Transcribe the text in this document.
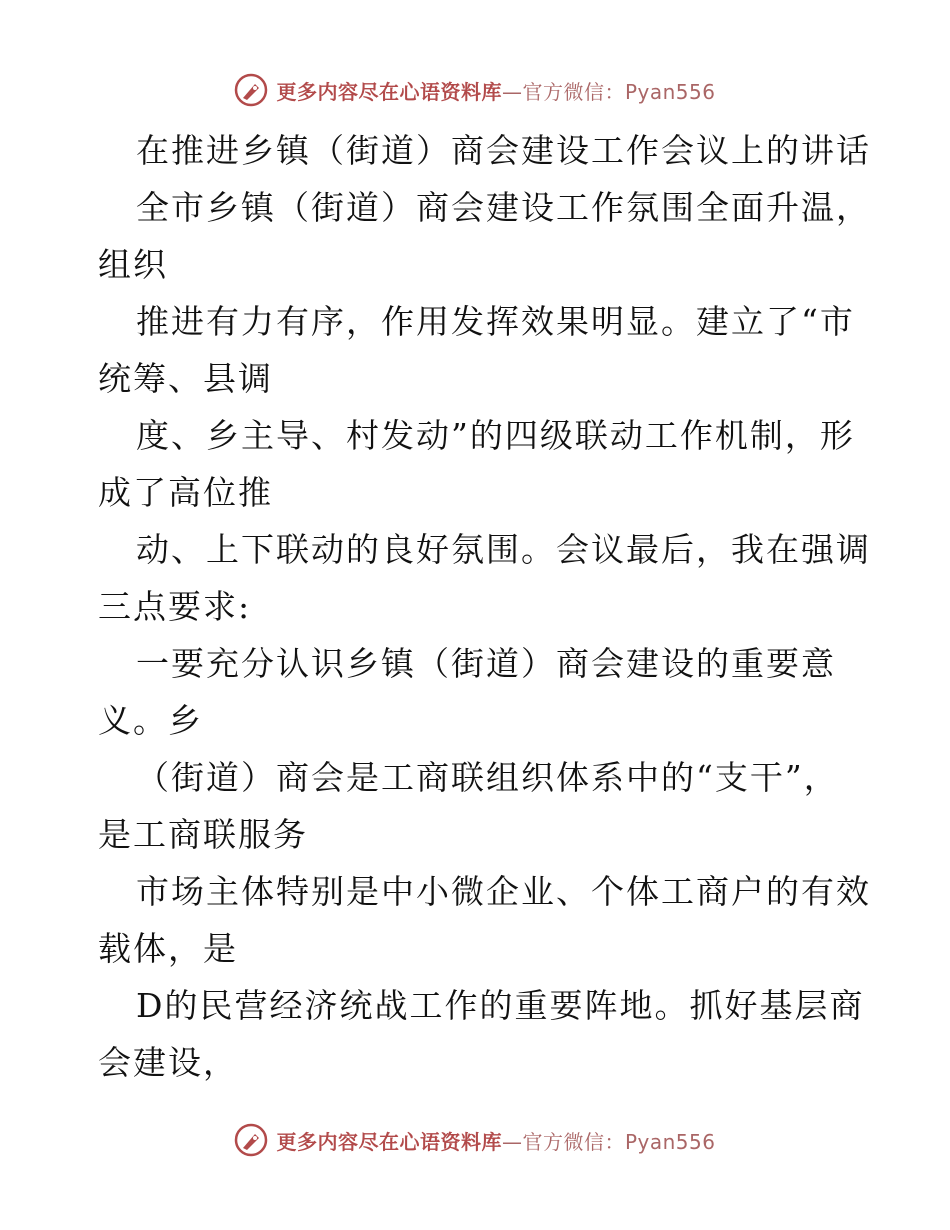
更多内容尽在心语资料库—官方微信：Pyan556
在推进乡镇（街道）商会建设工作会议上的讲话
全市乡镇（街道）商会建设工作氛围全面升温，
组织
推进有力有序，作用发挥效果明显。建立了“市
统筹、县调
度、乡主导、村发动”的四级联动工作机制，形
成了高位推
动、上下联动的良好氛围。会议最后，我在强调
三点要求:
一要充分认识乡镇（街道）商会建设的重要意
义。乡
（街道）商会是工商联组织体系中的“支干”，
是工商联服务
市场主体特别是中小微企业、个体工商户的有效
载体，是
D的民营经济统战工作的重要阵地。抓好基层商
会建设，
更多内容尽在心语资料库—官方微信：Pyan556
